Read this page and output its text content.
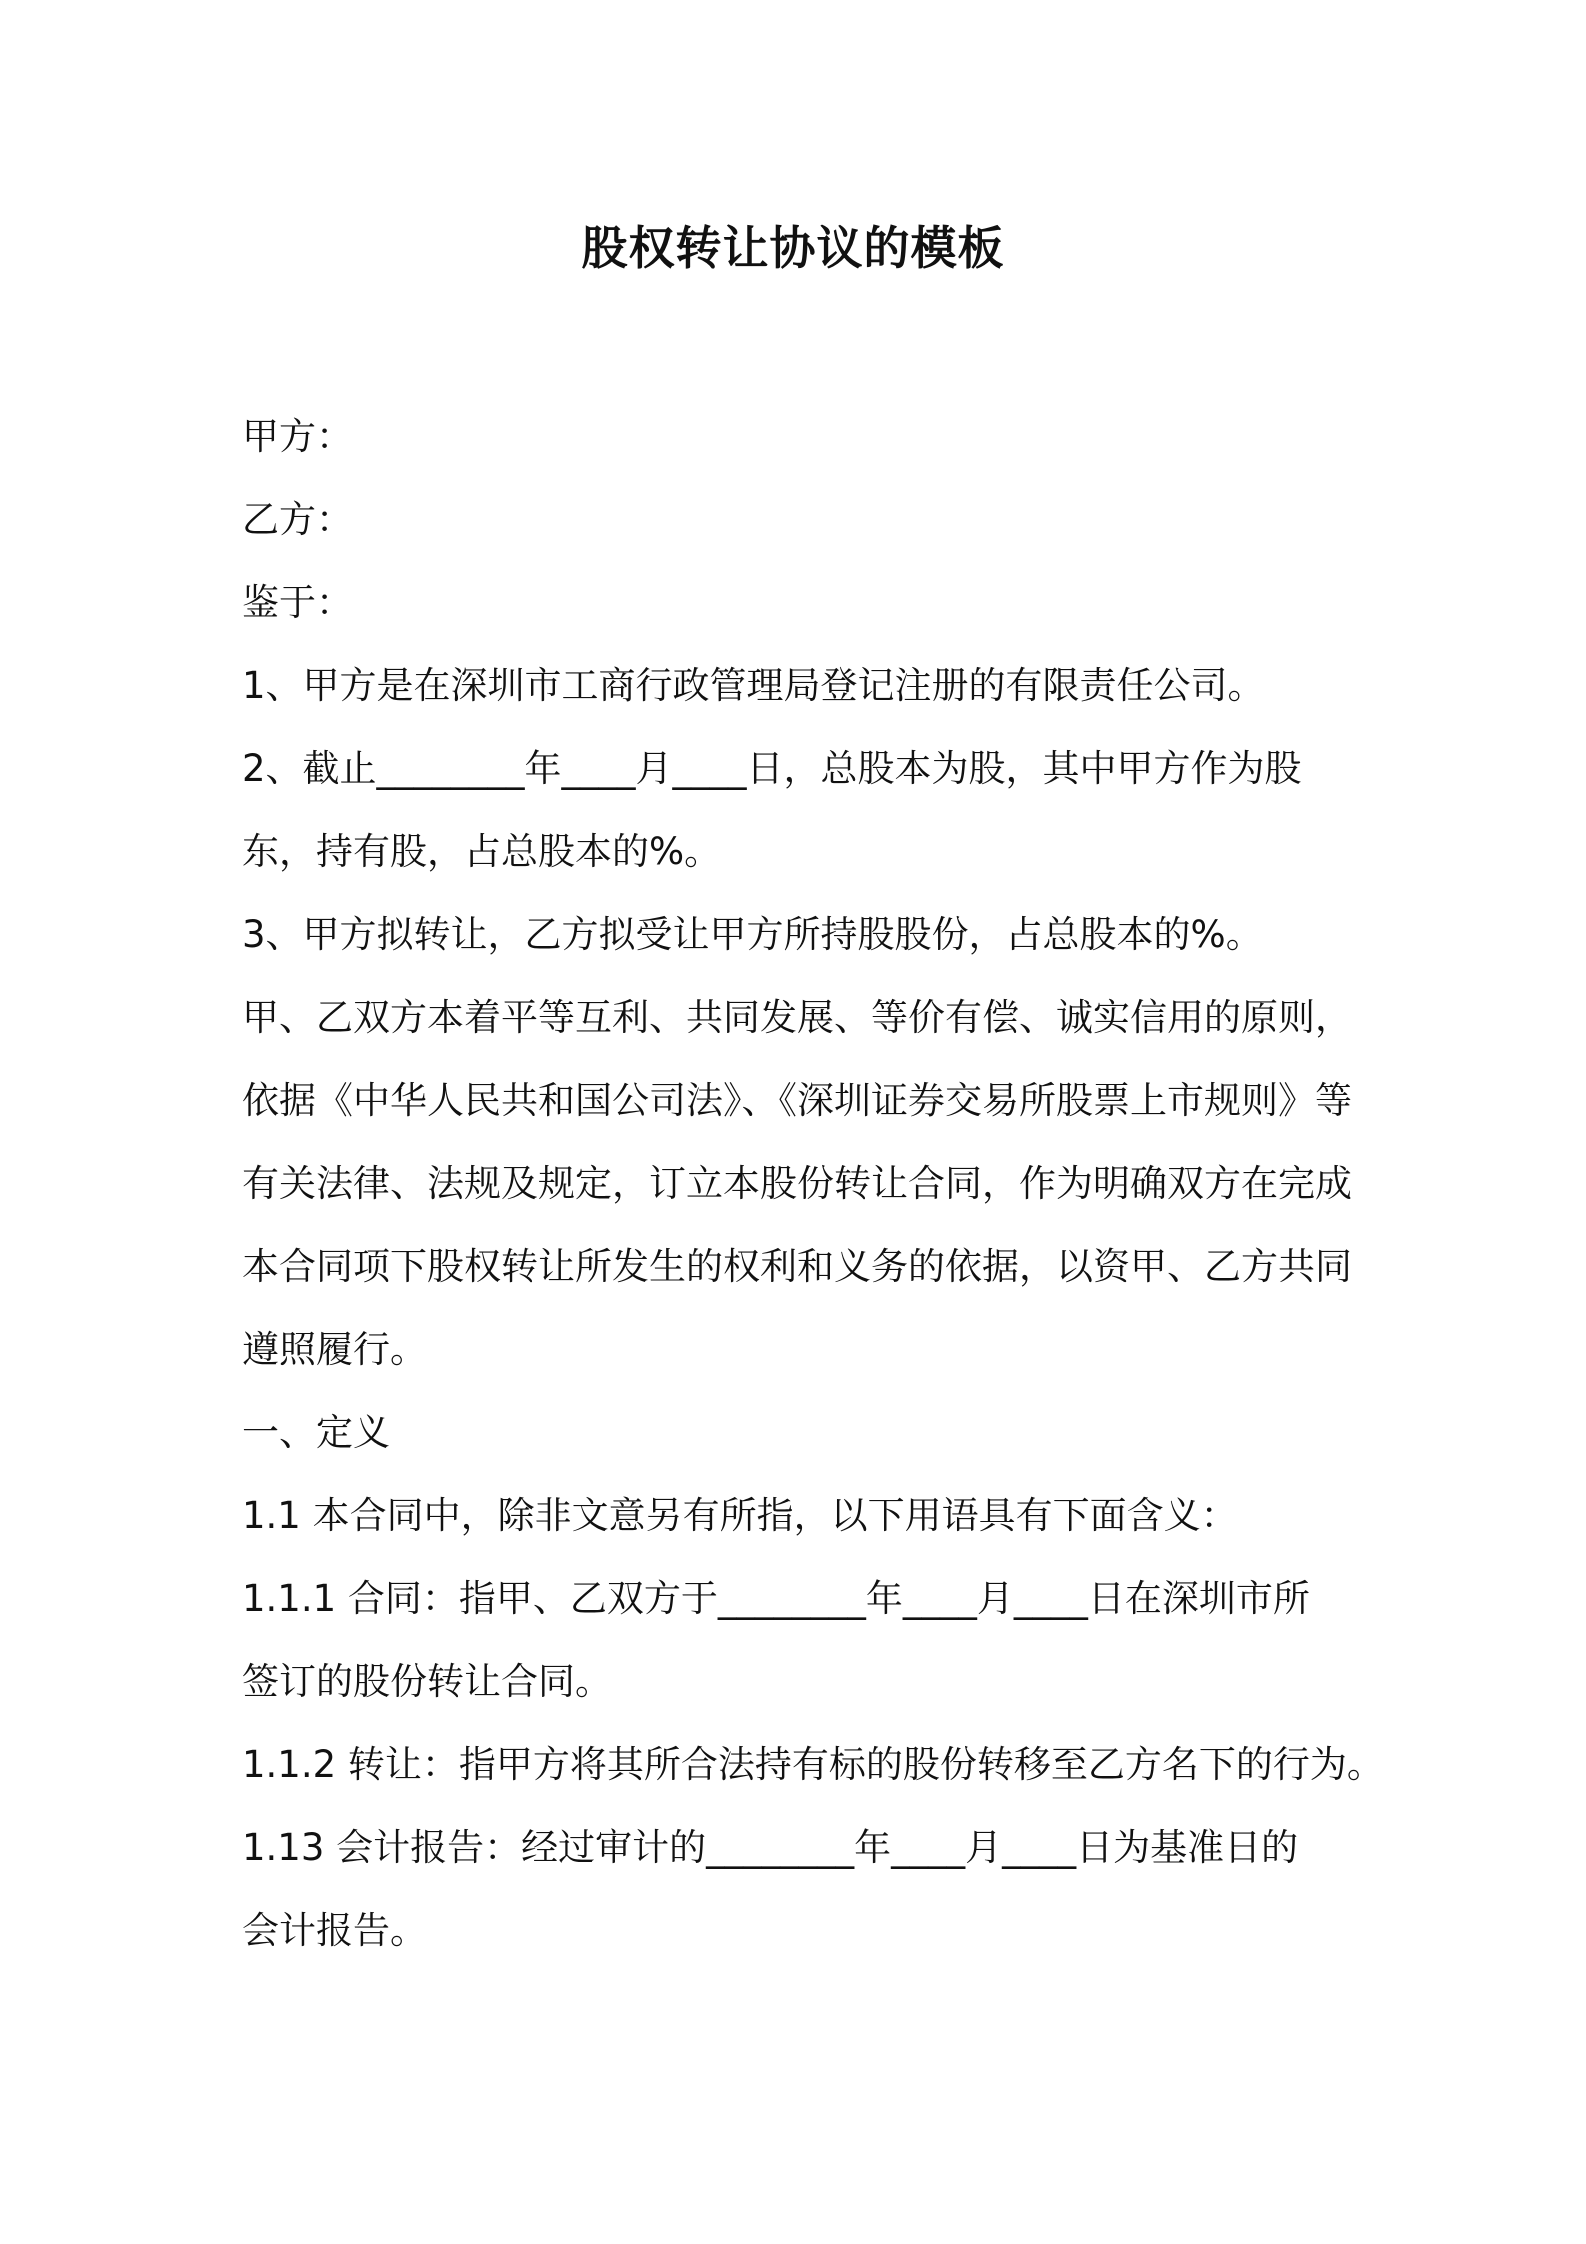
股权转让协议的模板
甲方：
乙方：
鉴于：
1、甲方是在深圳市工商行政管理局登记注册的有限责任公司。
2、截止________年____月____日，总股本为股，其中甲方作为股
东，持有股，占总股本的%。
3、甲方拟转让，乙方拟受让甲方所持股股份，占总股本的%。
甲、乙双方本着平等互利、共同发展、等价有偿、诚实信用的原则，
依据《中华人民共和国公司法》、《深圳证券交易所股票上市规则》等
有关法律、法规及规定，订立本股份转让合同，作为明确双方在完成
本合同项下股权转让所发生的权利和义务的依据，以资甲、乙方共同
遵照履行。
一、定义
1.1 本合同中，除非文意另有所指，以下用语具有下面含义：
1.1.1 合同：指甲、乙双方于________年____月____日在深圳市所
签订的股份转让合同。
1.1.2 转让：指甲方将其所合法持有标的股份转移至乙方名下的行为。
1.13 会计报告：经过审计的________年____月____日为基准日的
会计报告。
